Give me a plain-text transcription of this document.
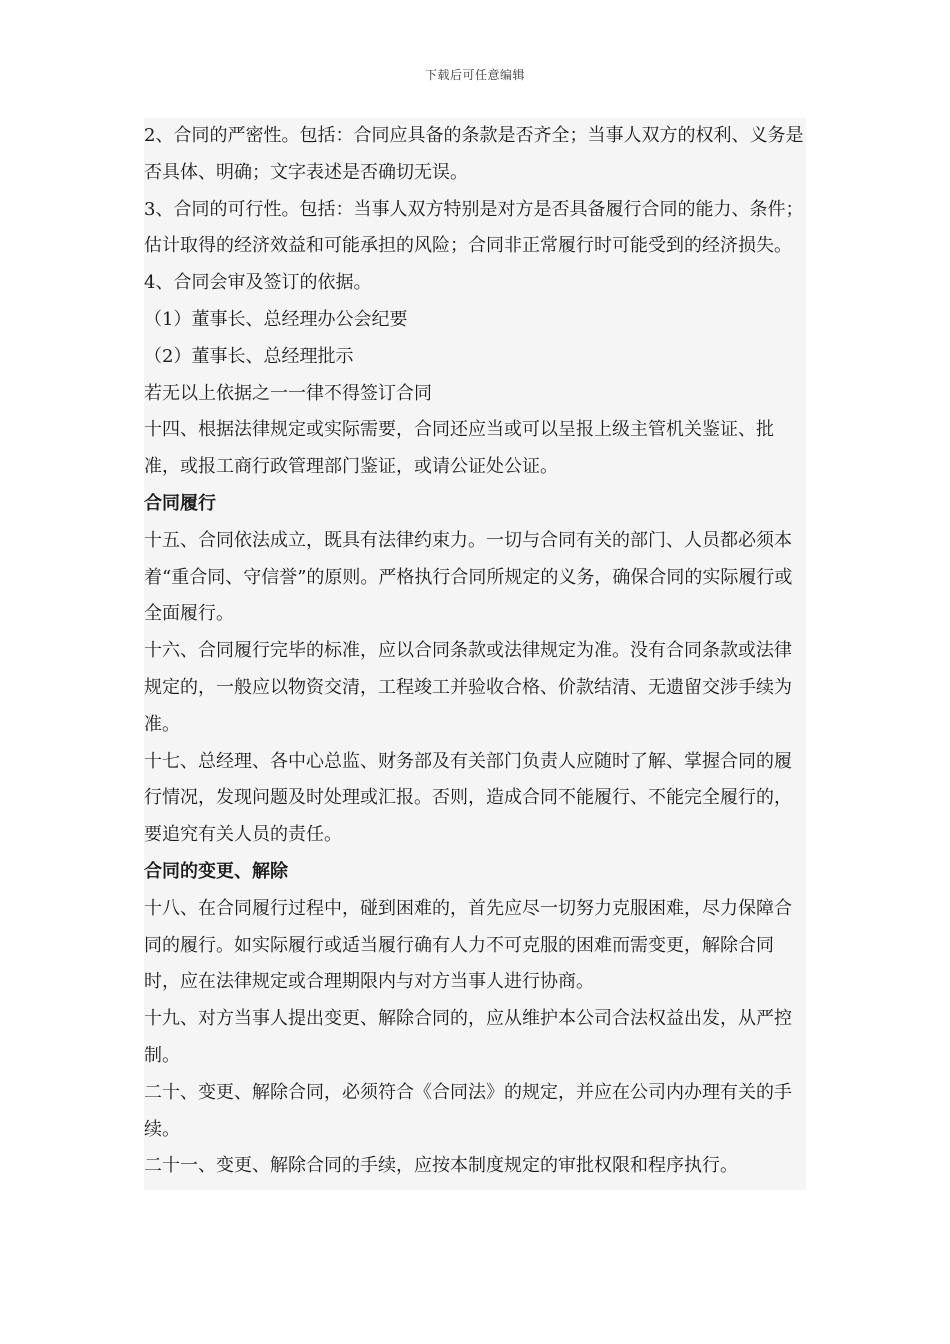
下载后可任意编辑

2、合同的严密性。包括：合同应具备的条款是否齐全；当事人双方的权利、义务是否具体、明确；文字表述是否确切无误。

3、合同的可行性。包括：当事人双方特别是对方是否具备履行合同的能力、条件；估计取得的经济效益和可能承担的风险；合同非正常履行时可能受到的经济损失。

4、合同会审及签订的依据。

（1）董事长、总经理办公会纪要

（2）董事长、总经理批示

若无以上依据之一一律不得签订合同

十四、根据法律规定或实际需要，合同还应当或可以呈报上级主管机关鉴证、批准，或报工商行政管理部门鉴证，或请公证处公证。

合同履行

十五、合同依法成立，既具有法律约束力。一切与合同有关的部门、人员都必须本着“重合同、守信誉”的原则。严格执行合同所规定的义务，确保合同的实际履行或全面履行。

十六、合同履行完毕的标准，应以合同条款或法律规定为准。没有合同条款或法律规定的，一般应以物资交清，工程竣工并验收合格、价款结清、无遗留交涉手续为准。

十七、总经理、各中心总监、财务部及有关部门负责人应随时了解、掌握合同的履行情况，发现问题及时处理或汇报。否则，造成合同不能履行、不能完全履行的，要追究有关人员的责任。

合同的变更、解除

十八、在合同履行过程中，碰到困难的，首先应尽一切努力克服困难，尽力保障合同的履行。如实际履行或适当履行确有人力不可克服的困难而需变更，解除合同时，应在法律规定或合理期限内与对方当事人进行协商。

十九、对方当事人提出变更、解除合同的，应从维护本公司合法权益出发，从严控制。

二十、变更、解除合同，必须符合《合同法》的规定，并应在公司内办理有关的手续。

二十一、变更、解除合同的手续，应按本制度规定的审批权限和程序执行。
